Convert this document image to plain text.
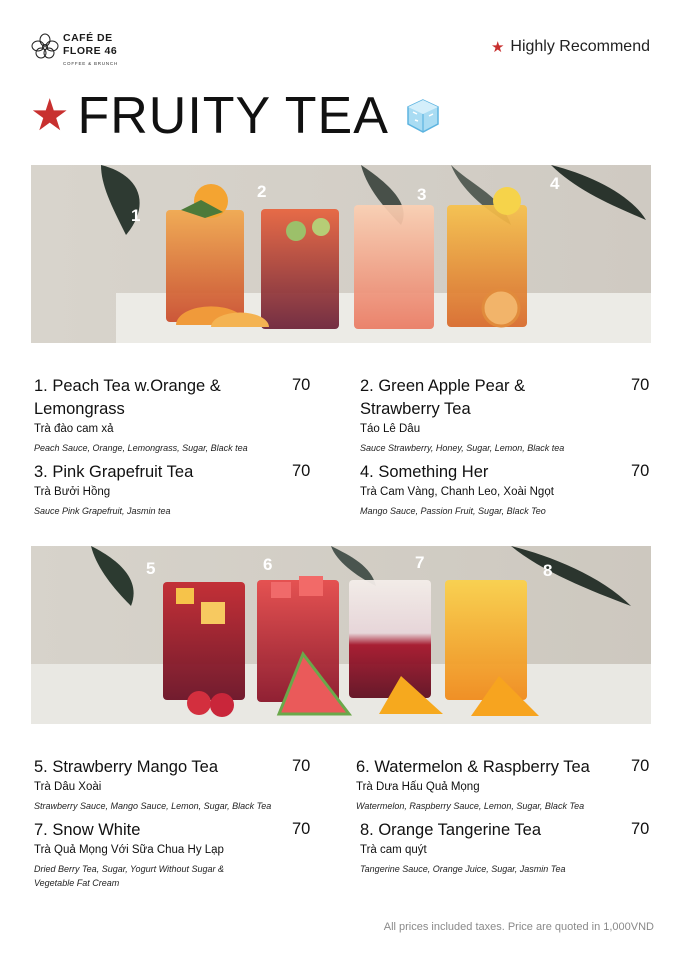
CAFÉ DE
FLORE 46
COFFEE & BRUNCH
★ Highly Recommend
★ FRUITY TEA
1
2	3
4
1. Peach Tea w.Orange & Lemongrass
Trà đào cam xả
Peach Sauce, Orange, Lemongrass, Sugar, Black tea
70	2. Green Apple Pear & Strawberry Tea
Táo Lê Dâu
Sauce Strawberry, Honey, Sugar, Lemon, Black tea
70
3. Pink Grapefruit Tea
Trà Bưởi Hồng
Sauce Pink Grapefruit, Jasmin tea
70	4. Something Her
Trà Cam Vàng, Chanh Leo, Xoài Ngọt
Mango Sauce, Passion Fruit, Sugar, Black Teo
70
5	6	7	8
5. Strawberry Mango Tea
Trà Dâu Xoài
Strawberry Sauce, Mango Sauce, Lemon, Sugar, Black Tea
70	6. Watermelon & Raspberry Tea
Trà Dưa Hấu Quả Mọng
Watermelon, Raspberry Sauce, Lemon, Sugar, Black Tea
70
7. Snow White
Trà Quả Mọng Với Sữa Chua Hy Lạp
Dried Berry Tea, Sugar, Yogurt Without Sugar & Vegetable Fat Cream
70	8. Orange Tangerine Tea
Trà cam quýt
Tangerine Sauce, Orange Juice, Sugar, Jasmin Tea
70
All prices included taxes. Price are quoted in 1,000VND
